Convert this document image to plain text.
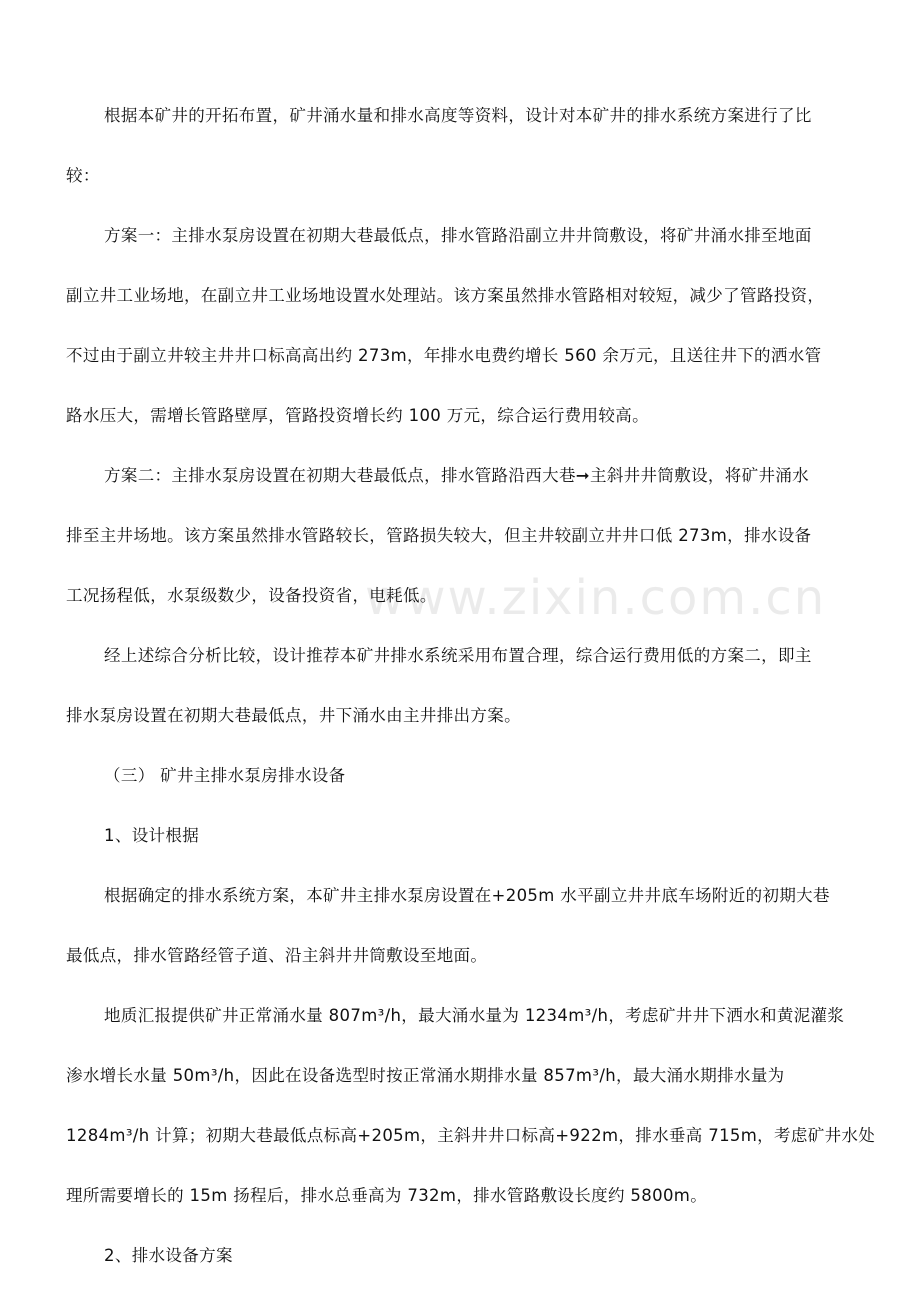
www.zixin.com.cn
根据本矿井的开拓布置，矿井涌水量和排水高度等资料，设计对本矿井的排水系统方案进行了比
较：
方案一：主排水泵房设置在初期大巷最低点，排水管路沿副立井井筒敷设，将矿井涌水排至地面
副立井工业场地，在副立井工业场地设置水处理站。该方案虽然排水管路相对较短，减少了管路投资，
不过由于副立井较主井井口标高高出约 273m，年排水电费约增长 560 余万元，且送往井下的洒水管
路水压大，需增长管路壁厚，管路投资增长约 100 万元，综合运行费用较高。
方案二：主排水泵房设置在初期大巷最低点，排水管路沿西大巷➞主斜井井筒敷设，将矿井涌水
排至主井场地。该方案虽然排水管路较长，管路损失较大，但主井较副立井井口低 273m，排水设备
工况扬程低，水泵级数少，设备投资省，电耗低。
经上述综合分析比较，设计推荐本矿井排水系统采用布置合理，综合运行费用低的方案二，即主
排水泵房设置在初期大巷最低点，井下涌水由主井排出方案。
（三） 矿井主排水泵房排水设备
1、设计根据
根据确定的排水系统方案，本矿井主排水泵房设置在+205m 水平副立井井底车场附近的初期大巷
最低点，排水管路经管子道、沿主斜井井筒敷设至地面。
地质汇报提供矿井正常涌水量 807m³/h，最大涌水量为 1234m³/h，考虑矿井井下洒水和黄泥灌浆
渗水增长水量 50m³/h，因此在设备选型时按正常涌水期排水量 857m³/h，最大涌水期排水量为
1284m³/h 计算；初期大巷最低点标高+205m，主斜井井口标高+922m，排水垂高 715m，考虑矿井水处
理所需要增长的 15m 扬程后，排水总垂高为 732m，排水管路敷设长度约 5800m。
2、排水设备方案
